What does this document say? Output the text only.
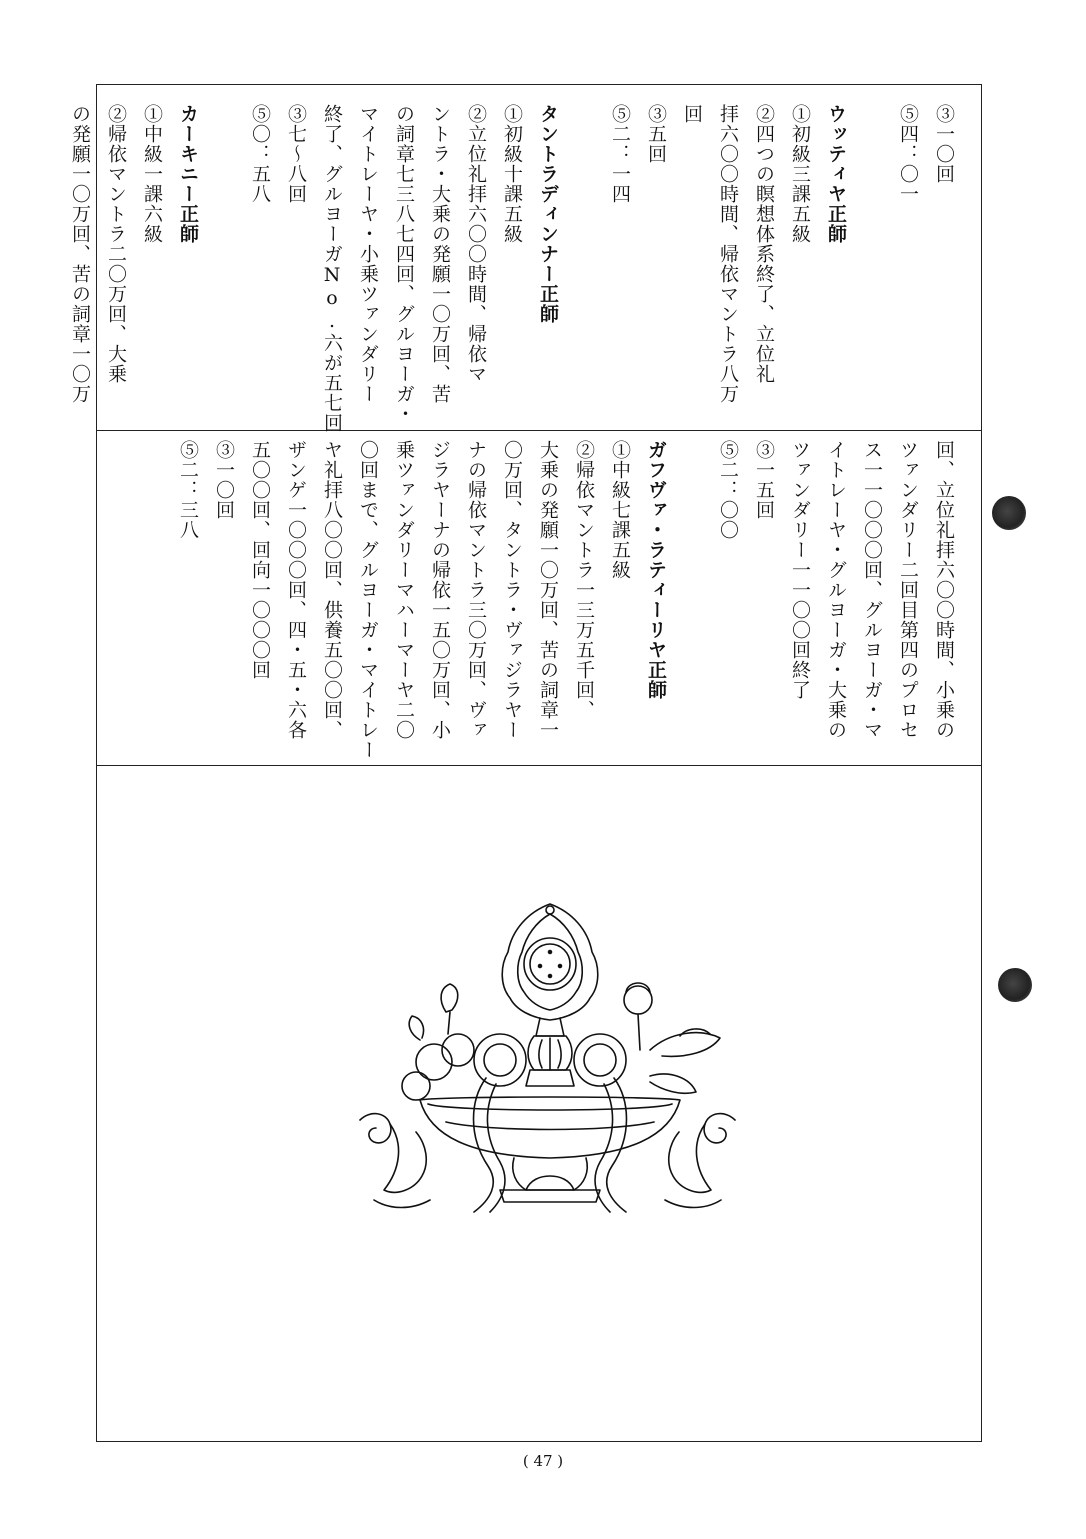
③一〇回
⑤四：〇一
ウッティヤ正師
①初級三課五級
②四つの瞑想体系終了、立位礼
拝六〇〇時間、帰依マントラ八万
回
③五回
⑤二：一四
タントラディンナー正師
①初級十課五級
②立位礼拝六〇〇時間、帰依マ
ントラ・大乗の発願一〇万回、苦
の詞章七三八七四回、グルヨーガ・
マイトレーヤ・小乗ツァンダリー
終了、グルヨーガNo.六が五七回
③七～八回
⑤〇：五八
カーキニー正師
①中級一課六級
②帰依マントラ二〇万回、大乗
の発願一〇万回、苦の詞章一〇万
回、立位礼拝六〇〇時間、小乗の
ツァンダリー二回目第四のプロセ
ス一一〇〇〇回、グルヨーガ・マ
イトレーヤ・グルヨーガ・大乗の
ツァンダリー一一〇〇回終了
③一五回
⑤二：〇〇
ガフヴァ・ラティーリヤ正師
①中級七課五級
②帰依マントラ一三万五千回、
大乗の発願一〇万回、苦の詞章一
〇万回、タントラ・ヴァジラヤー
ナの帰依マントラ三〇万回、ヴァ
ジラヤーナの帰依一五〇万回、小
乗ツァンダリーマハーマーヤ二〇
〇回まで、グルヨーガ・マイトレー
ヤ礼拝八〇〇回、供養五〇〇回、
ザンゲ一〇〇〇回、四・五・六各
五〇〇回、回向一〇〇〇回
③一〇回
⑤二：三八
( 47 )
